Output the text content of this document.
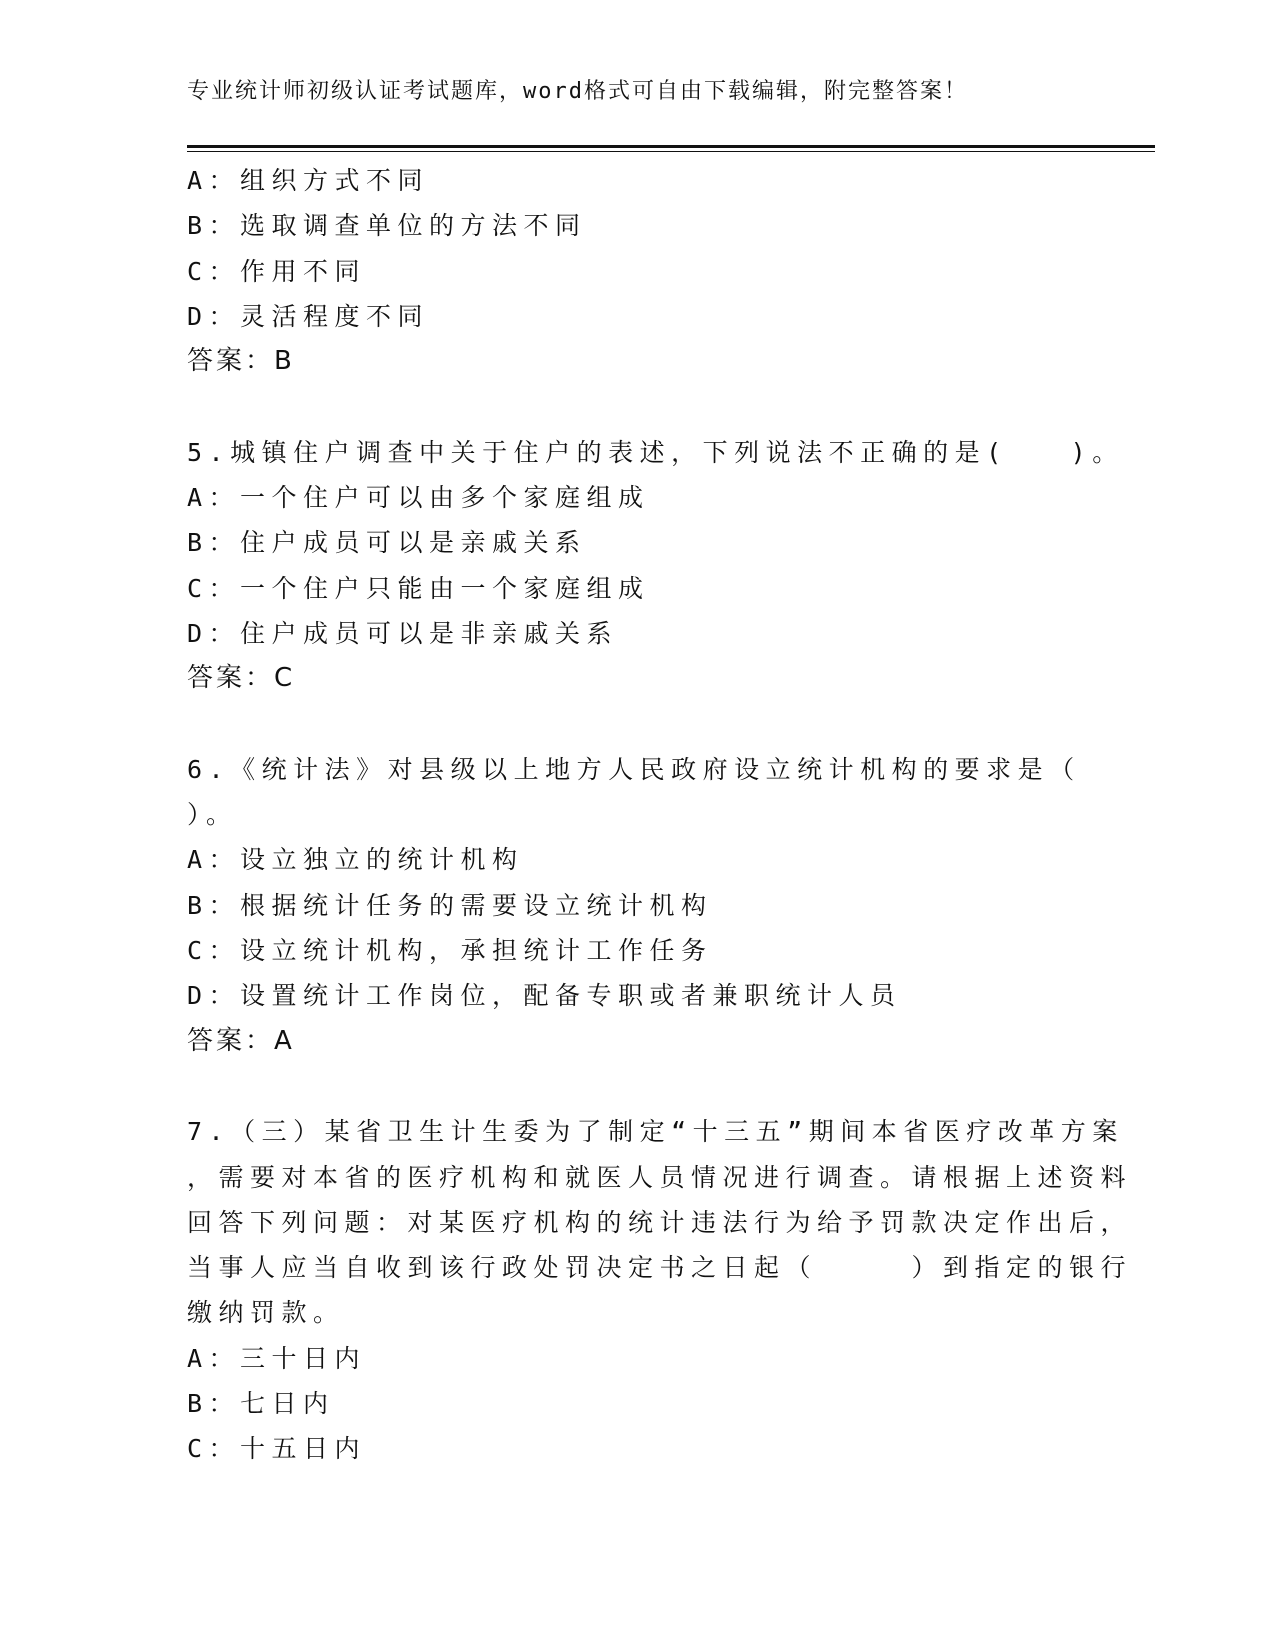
专业统计师初级认证考试题库，word格式可自由下载编辑，附完整答案！
A：组织方式不同
B：选取调查单位的方法不同
C：作用不同
D：灵活程度不同
答案：B
5.城镇住户调查中关于住户的表述，下列说法不正确的是(　　)。
A：一个住户可以由多个家庭组成
B：住户成员可以是亲戚关系
C：一个住户只能由一个家庭组成
D：住户成员可以是非亲戚关系
答案：C
6.《统计法》对县级以上地方人民政府设立统计机构的要求是（
）。
A：设立独立的统计机构
B：根据统计任务的需要设立统计机构
C：设立统计机构，承担统计工作任务
D：设置统计工作岗位，配备专职或者兼职统计人员
答案：A
7.（三）某省卫生计生委为了制定“十三五”期间本省医疗改革方案
，需要对本省的医疗机构和就医人员情况进行调查。请根据上述资料
回答下列问题：对某医疗机构的统计违法行为给予罚款决定作出后，
当事人应当自收到该行政处罚决定书之日起（　　　）到指定的银行
缴纳罚款。
A：三十日内
B：七日内
C：十五日内
